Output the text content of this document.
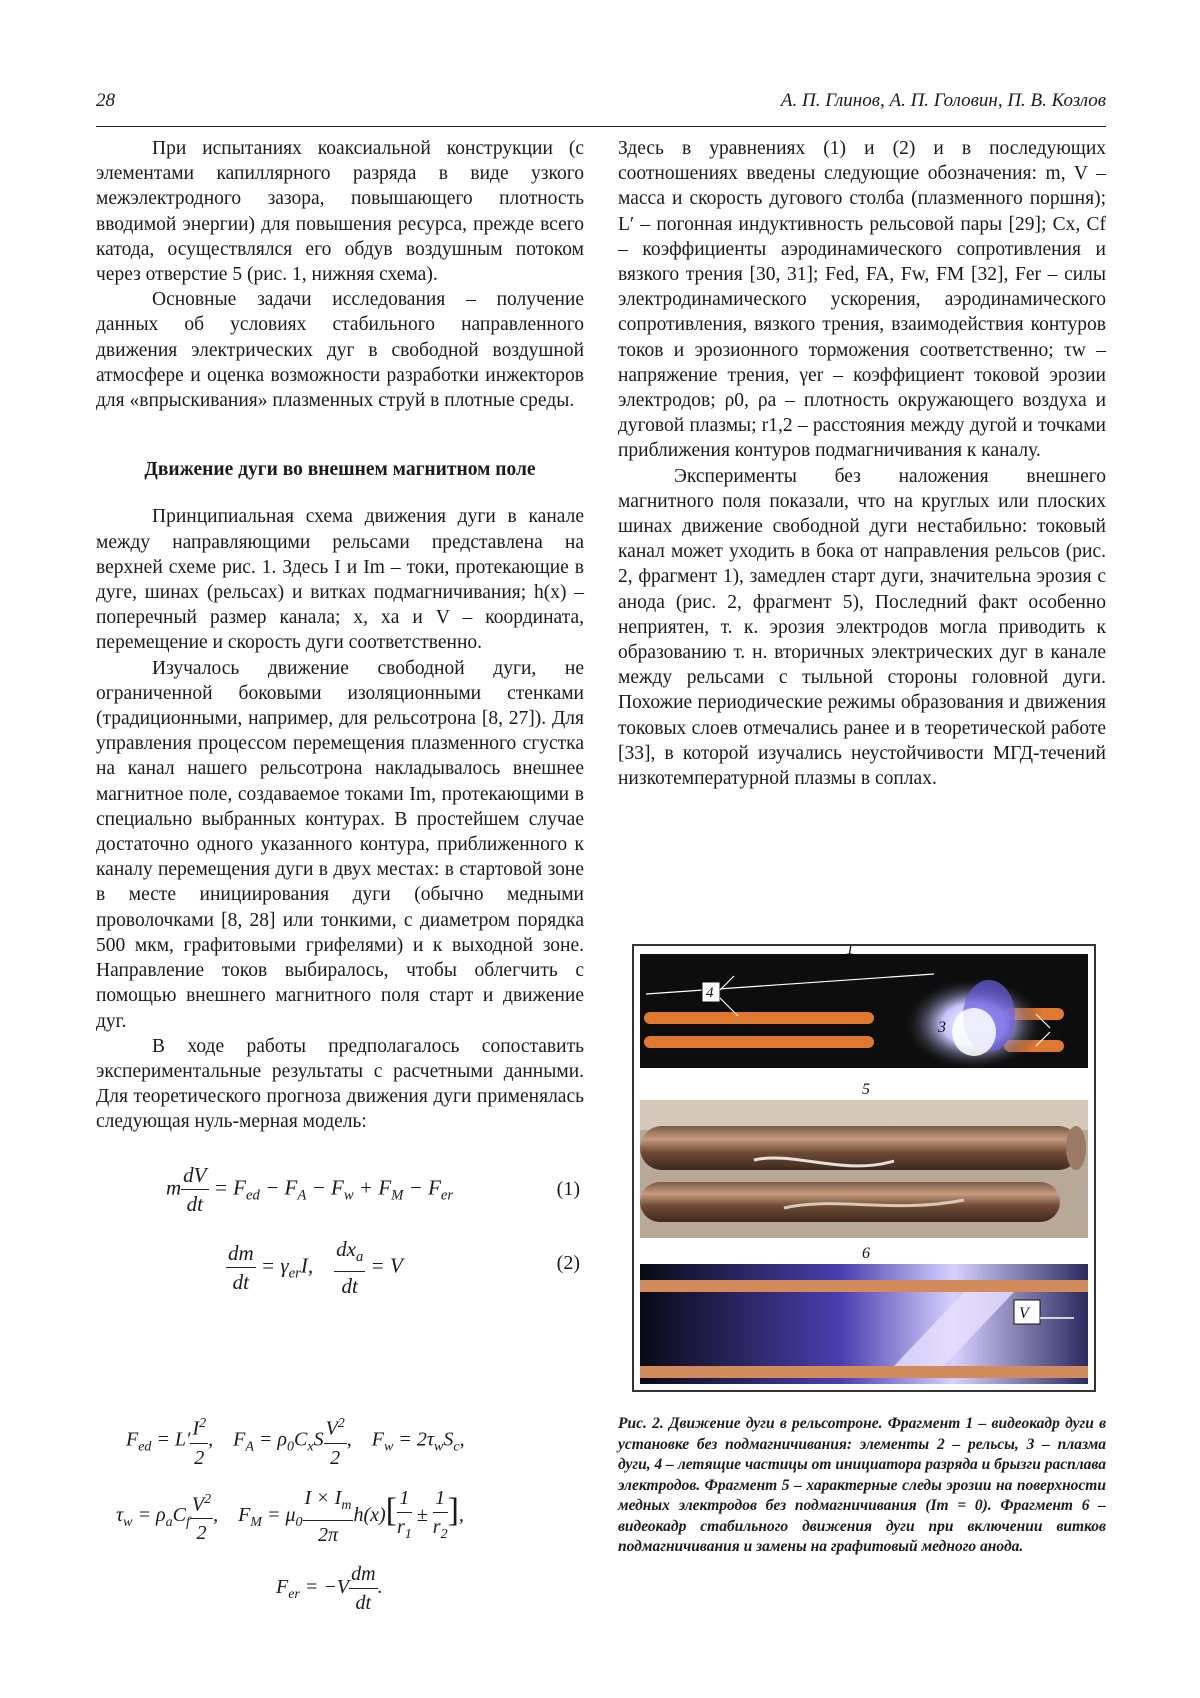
28	А. П. Глинов, А. П. Головин, П. В. Козлов

При испытаниях коаксиальной конструкции (с элементами капиллярного разряда в виде узкого межэлектродного зазора, повышающего плотность вводимой энергии) для повышения ресурса, прежде всего катода, осуществлялся его обдув воздушным потоком через отверстие 5 (рис. 1, нижняя схема).

Основные задачи исследования – получение данных об условиях стабильного направленного движения электрических дуг в свободной воздушной атмосфере и оценка возможности разработки инжекторов для «впрыскивания» плазменных струй в плотные среды.

Движение дуги во внешнем магнитном поле

Принципиальная схема движения дуги в канале между направляющими рельсами представлена на верхней схеме рис. 1. Здесь I и Im – токи, протекающие в дуге, шинах (рельсах) и витках подмагничивания; h(x) – поперечный размер канала; x, xa и V – координата, перемещение и скорость дуги соответственно.

Изучалось движение свободной дуги, не ограниченной боковыми изоляционными стенками (традиционными, например, для рельсотрона [8, 27]). Для управления процессом перемещения плазменного сгустка на канал нашего рельсотрона накладывалось внешнее магнитное поле, создаваемое токами Im, протекающими в специально выбранных контурах. В простейшем случае достаточно одного указанного контура, приближенного к каналу перемещения дуги в двух местах: в стартовой зоне в месте инициирования дуги (обычно медными проволочками [8, 28] или тонкими, с диаметром порядка 500 мкм, графитовыми грифелями) и к выходной зоне. Направление токов выбиралось, чтобы облегчить с помощью внешнего магнитного поля старт и движение дуг.

В ходе работы предполагалось сопоставить экспериментальные результаты с расчетными данными. Для теоретического прогноза движения дуги применялась следующая нуль-мерная модель:

m $\frac{dV}{dt} = F_{ed} - F_A - F_w + F_M - F_{er}$	(1)
$\frac{dm}{dt} = \gamma_{er}I$, $\frac{dx_a}{dt} = V$	(2)
$F_{ed} = L' \frac{I^2}{2}$ ,    $F_A = \rho_0C_xS \frac{V^2}{2}$ ,    $F_w = 2\tau_wS_c$,
$\tau_w = \rho_aC_f \frac{V^2}{2}$ ,    $F_M = \mu_0 \frac{I \times I_m}{2\pi} h(x)[ \frac{1}{r_1} \pm \frac{1}{r_2}$ ],
$F_{er} = -V \frac{dm}{dt}$ .

Здесь в уравнениях (1) и (2) и в последующих соотношениях введены следующие обозначения: m, V – масса и скорость дугового столба (плазменного поршня); L′ – погонная индуктивность рельсовой пары [29]; Cx, Cf – коэффициенты аэродинамического сопротивления и вязкого трения [30, 31]; Fed, FA, Fw, FM [32], Fer – силы электродинамического ускорения, аэродинамического сопротивления, вязкого трения, взаимодействия контуров токов и эрозионного торможения соответственно; τw – напряжение трения, γer – коэффициент токовой эрозии электродов; ρ0, ρa – плотность окружающего воздуха и дуговой плазмы; r1,2 – расстояния между дугой и точками приближения контуров подмагничивания к каналу.

Эксперименты без наложения внешнего магнитного поля показали, что на круглых или плоских шинах движение свободной дуги нестабильно: токовый канал может уходить в бока от направления рельсов (рис. 2, фрагмент 1), замедлен старт дуги, значительна эрозия с анода (рис. 2, фрагмент 5), Последний факт особенно неприятен, т. к. эрозия электродов могла приводить к образованию т. н. вторичных электрических дуг в канале между рельсами с тыльной стороны головной дуги. Похожие периодические режимы образования и движения токовых слоев отмечались ранее и в теоретической работе [33], в которой изучались неустойчивости МГД-течений низкотемпературной плазмы в соплах.

4
1
3	2
5
6
V
Рис. 2. Движение дуги в рельсотроне. Фрагмент 1 – видеокадр дуги в установке без подмагничивания: элементы 2 – рельсы, 3 – плазма дуги, 4 – летящие частицы от инициатора разряда и брызги расплава электродов. Фрагмент 5 – характерные следы эрозии на поверхности медных электродов без подмагничивания (Im = 0). Фрагмент 6 – видеокадр стабильного движения дуги при включении витков подмагничивания и замены на графитовый медного анода.
